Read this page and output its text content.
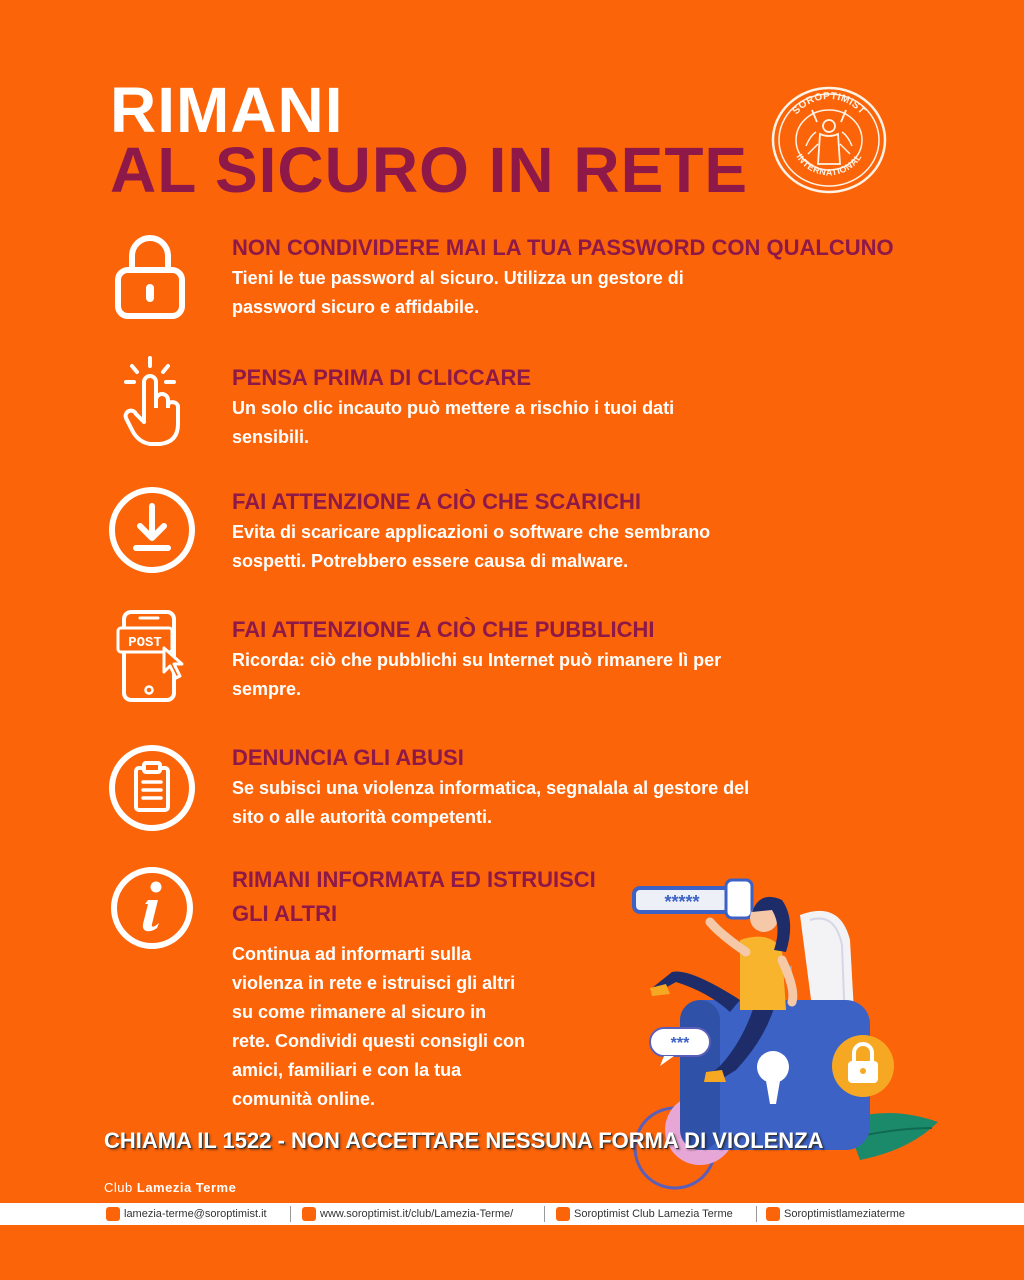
RIMANI
AL SICURO IN RETE
SOROPTIMIST
INTERNATIONAL
NON CONDIVIDERE MAI LA TUA PASSWORD CON QUALCUNO
Tieni le tue password al sicuro. Utilizza un gestore di
password sicuro e affidabile.
PENSA PRIMA DI CLICCARE
Un solo clic incauto può mettere a rischio i tuoi dati
sensibili.
FAI ATTENZIONE A CIÒ CHE SCARICHI
Evita di scaricare applicazioni o software che sembrano
sospetti. Potrebbero essere causa di malware.
POST
FAI ATTENZIONE A CIÒ CHE PUBBLICHI
Ricorda: ciò che pubblichi su Internet può rimanere lì per
sempre.
DENUNCIA GLI ABUSI
Se subisci una violenza informatica, segnalala al gestore del
sito o alle autorità competenti.
RIMANI INFORMATA ED ISTRUISCI
GLI ALTRI
Continua ad informarti sulla
violenza in rete e istruisci gli altri
su come rimanere al sicuro in
rete. Condividi questi consigli con
amici, familiari e con la tua
comunità online.
***
*****
CHIAMA IL 1522 - NON ACCETTARE NESSUNA FORMA DI VIOLENZA
Club Lamezia Terme
lamezia-terme@soroptimist.it	www.soroptimist.it/club/Lamezia-Terme/	Soroptimist Club Lamezia Terme	Soroptimistlameziaterme
